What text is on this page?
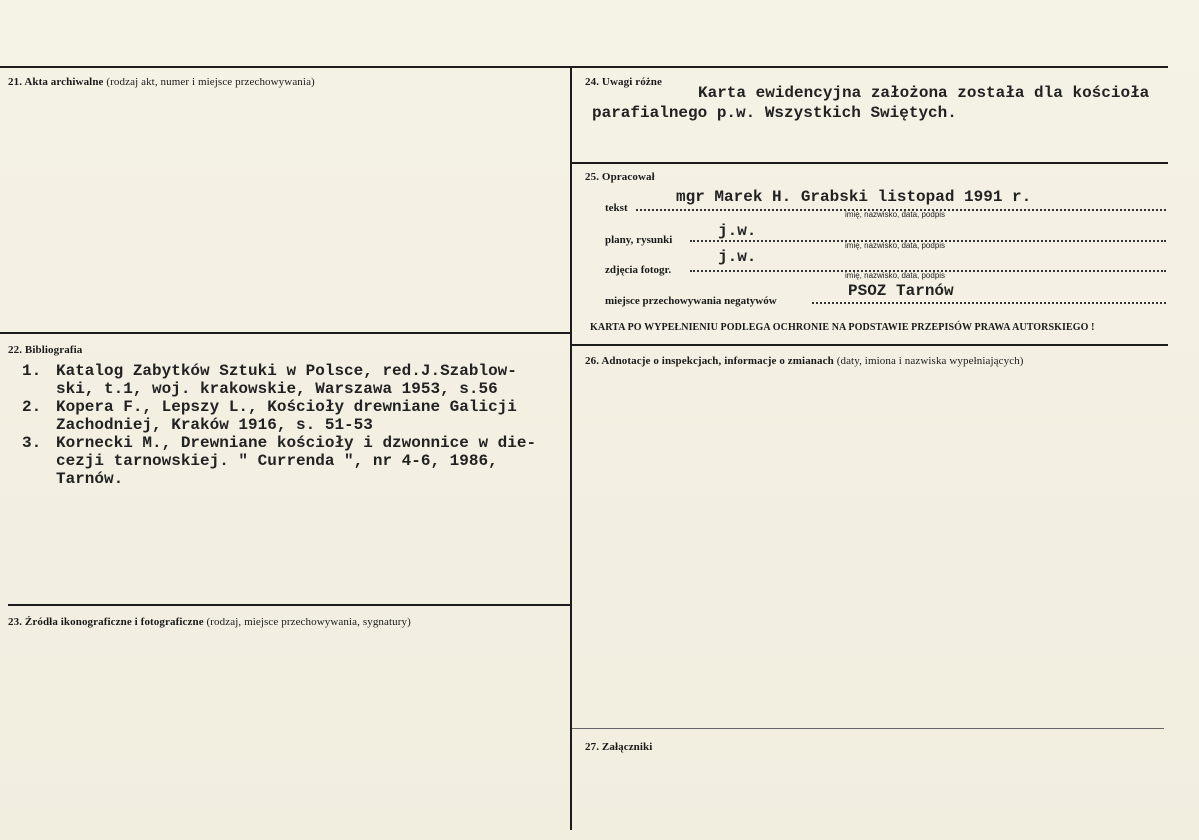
21. Akta archiwalne (rodzaj akt, numer i miejsce przechowywania)
22. Bibliografia
1. Katalog Zabytków Sztuki w Polsce, red.J.Szablow-
ski, t.1, woj. krakowskie, Warszawa 1953, s.56
2. Kopera F., Lepszy L., Kościoły drewniane Galicji
Zachodniej, Kraków 1916, s. 51-53
3. Kornecki M., Drewniane kościoły i dzwonnice w die-
cezji tarnowskiej. " Currenda ", nr 4-6, 1986,
Tarnów.
23. Źródła ikonograficzne i fotograficzne (rodzaj, miejsce przechowywania, sygnatury)
24. Uwagi różne
Karta ewidencyjna założona została dla kościoła
parafialnego p.w. Wszystkich Swiętych.
25. Opracował
tekst
mgr Marek H. Grabski listopad 1991 r.
imię, nazwisko, data, podpis
plany, rysunki	j.w.
imię, nazwisko, data, podpis
zdjęcia fotogr.
j.w.
imię, nazwisko, data, podpis
miejsce przechowywania negatywów
PSOZ Tarnów
KARTA PO WYPEŁNIENIU PODLEGA OCHRONIE NA PODSTAWIE PRZEPISÓW PRAWA AUTORSKIEGO !
26. Adnotacje o inspekcjach, informacje o zmianach (daty, imiona i nazwiska wypełniających)
27. Załączniki
